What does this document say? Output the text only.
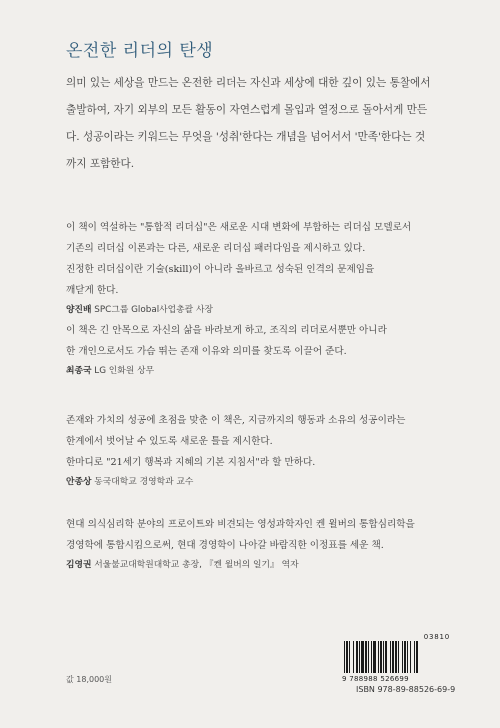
온전한 리더의 탄생

의미 있는 세상을 만드는 온전한 리더는 자신과 세상에 대한 깊이 있는 통찰에서

출발하여, 자기 외부의 모든 활동이 자연스럽게 몰입과 열정으로 돌아서게 만든

다. 성공이라는 키워드는 무엇을 '성취'한다는 개념을 넘어서서 '만족'한다는 것

까지 포함한다.

이 책이 역설하는 "통합적 리더십"은 새로운 시대 변화에 부합하는 리더십 모델로서

기존의 리더십 이론과는 다른, 새로운 리더십 패러다임을 제시하고 있다.

진정한 리더십이란 기술(skill)이 아니라 올바르고 성숙된 인격의 문제임을

깨닫게 한다.

양진배 SPC그룹 Global사업총괄 사장

이 책은 긴 안목으로 자신의 삶을 바라보게 하고, 조직의 리더로서뿐만 아니라

한 개인으로서도 가슴 뛰는 존재 이유와 의미를 찾도록 이끌어 준다.

최종국 LG 인화원 상무

존재와 가치의 성공에 초점을 맞춘 이 책은, 지금까지의 행동과 소유의 성공이라는

한계에서 벗어날 수 있도록 새로운 틀을 제시한다.

한마디로 "21세기 행복과 지혜의 기본 지침서"라 할 만하다.

안종상 동국대학교 경영학과 교수

현대 의식심리학 분야의 프로이트와 비견되는 영성과학자인 켄 윌버의 통합심리학을

경영학에 통합시킴으로써, 현대 경영학이 나아갈 바람직한 이정표를 세운 책.

김영권 서울불교대학원대학교 총장, 『켄 윌버의 일기』 역자
값 18,000원
03810
9 788988 526699
ISBN 978-89-88526-69-9
